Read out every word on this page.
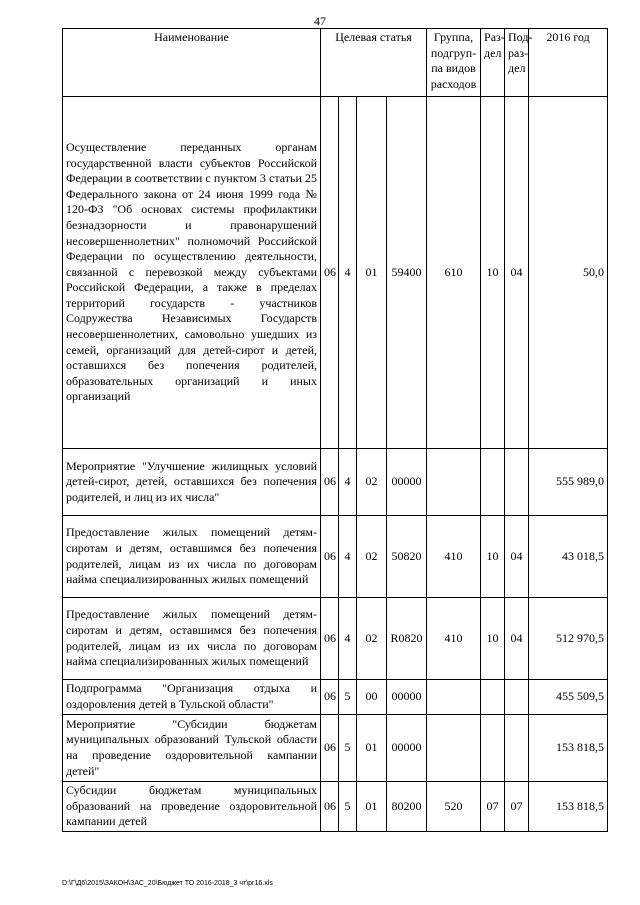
47
Наименование	Целевая статья				Группа, подгруп-па видов расходов	Раз-дел	Под-раз-дел	2016 год
Осуществление переданных органам государственной власти субъектов Российской Федерации в соответствии с пунктом 3 статьи 25 Федерального закона от 24 июня 1999 года № 120-ФЗ "Об основах системы профилактики безнадзорности и правонарушений несовершеннолетних" полномочий Российской Федерации по осуществлению деятельности, связанной с перевозкой между субъектами Российской Федерации, а также в пределах территорий государств - участников Содружества Независимых Государств несовершеннолетних, самовольно ушедших из семей, организаций для детей-сирот и детей, оставшихся без попечения родителей, образовательных организаций и иных организаций	06	4	01	59400	610	10	04	50,0
Мероприятие "Улучшение жилищных условий детей-сирот, детей, оставшихся без попечения родителей, и лиц из их числа"	06	4	02	00000				555 989,0
Предоставление жилых помещений детям-сиротам и детям, оставшимся без попечения родителей, лицам из их числа по договорам найма специализированных жилых помещений	06	4	02	50820	410	10	04	43 018,5
Предоставление жилых помещений детям-сиротам и детям, оставшимся без попечения родителей, лицам из их числа по договорам найма специализированных жилых помещений	06	4	02	R0820	410	10	04	512 970,5
Подпрограмма "Организация отдыха и оздоровления детей в Тульской области"	06	5	00	00000				455 509,5
Мероприятие "Субсидии бюджетам муниципальных образований Тульской области на проведение оздоровительной кампании детей"	06	5	01	00000				153 818,5
Субсидии бюджетам муниципальных образований на проведение оздоровительной кампании детей	06	5	01	80200	520	07	07	153 818,5
D:\Г\Д6\2015\ЗАКОН\ЗАС_20\Бюджет ТО 2016-2018_3 чт\рг16.xls
